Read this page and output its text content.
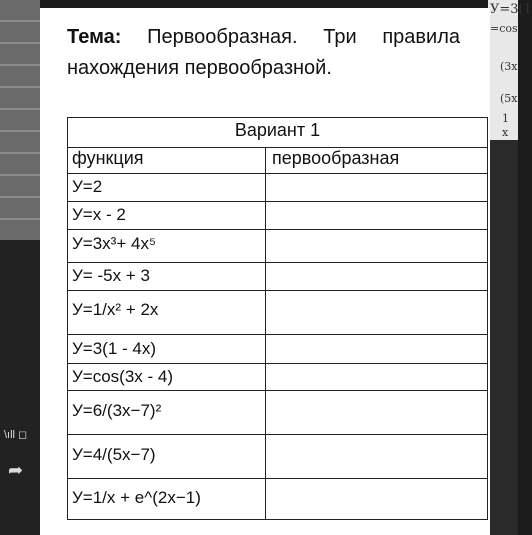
\ıll ◻
➦
У=3(1
=cos
(3х
(5х
1
х
Тема: Первообразная. Три правила нахождения первообразной.
Вариант 1
функция	первообразная
У=2
У=х - 2
У=3х³+ 4х⁵
У= -5х + 3
У=1/х² + 2х
У=3(1 - 4х)
У=cos(3х - 4)
У=6/(3х−7)²
У=4/(5х−7)
У=1/х + e^(2х−1)
